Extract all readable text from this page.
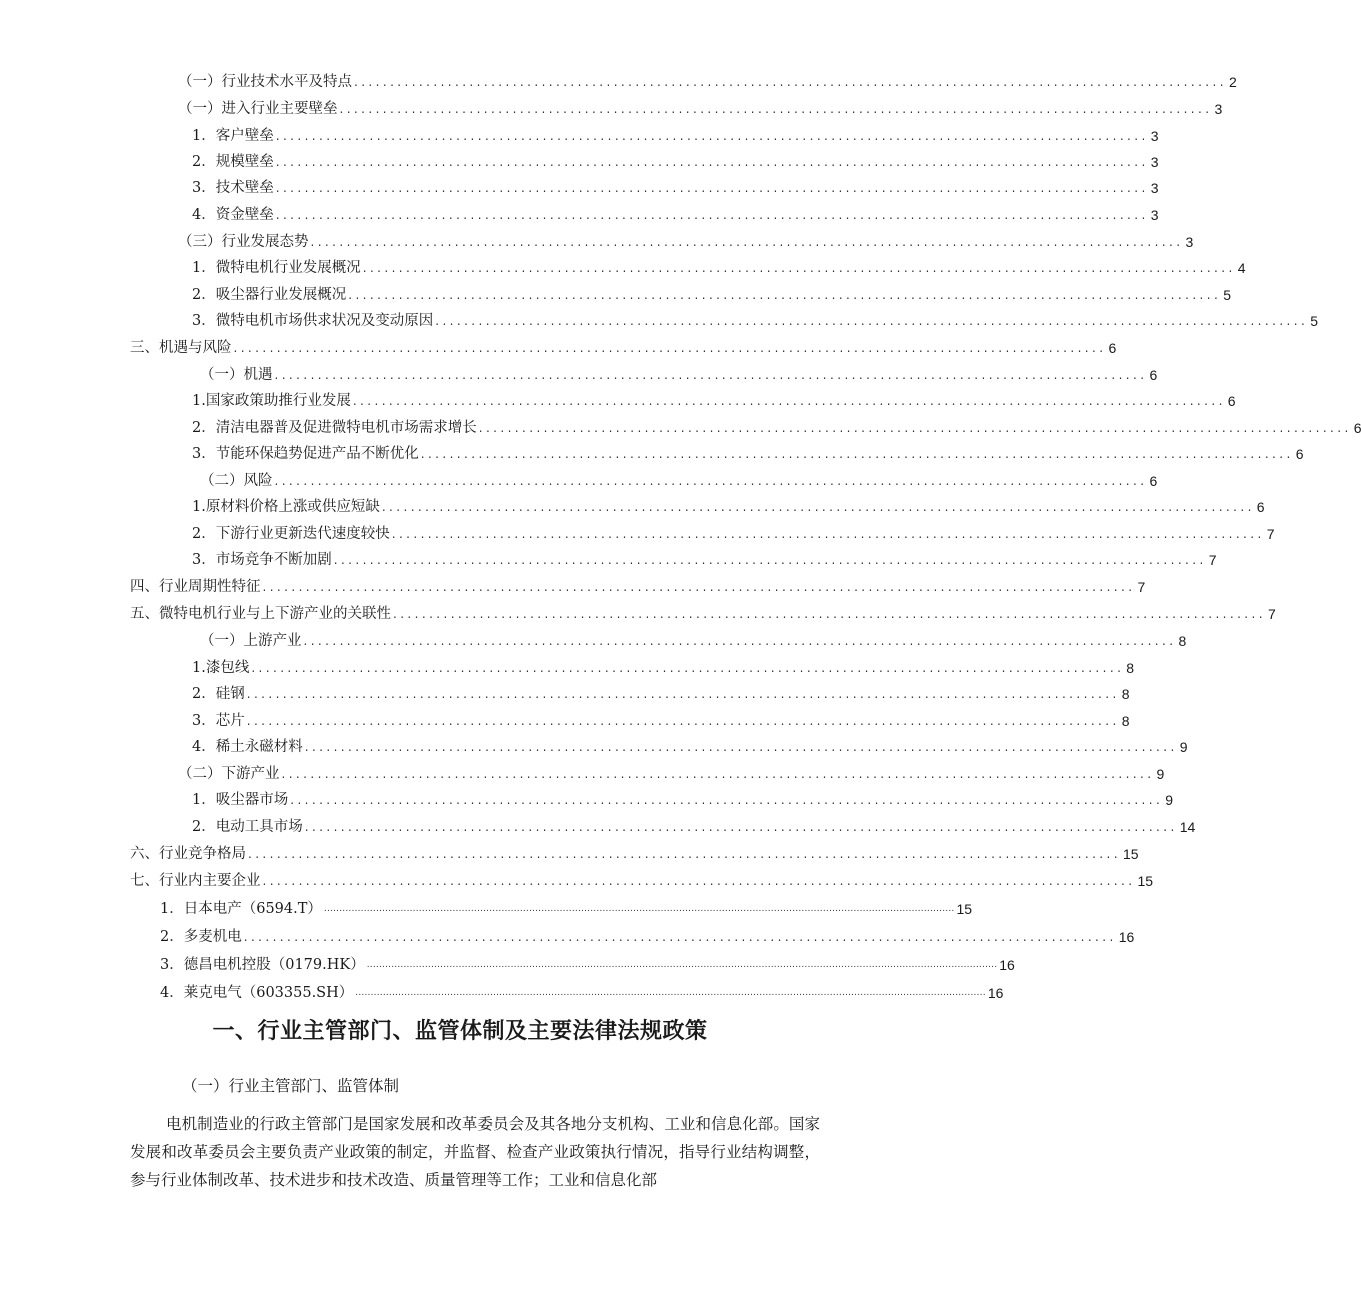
（一）行业技术水平及特点 ......................................................................................................................... 2
（一）进入行业主要壁垒 ......................................................................................................................... 3
1．客户壁垒 ......................................................................................................................... 3
2．规模壁垒 ......................................................................................................................... 3
3．技术壁垒 ......................................................................................................................... 3
4．资金壁垒 ......................................................................................................................... 3
（三）行业发展态势 ......................................................................................................................... 3
1．微特电机行业发展概况 ......................................................................................................................... 4
2．吸尘器行业发展概况 ......................................................................................................................... 5
3．微特电机市场供求状况及变动原因 ......................................................................................................................... 5
三、机遇与风险 ......................................................................................................................... 6
（一）机遇 ......................................................................................................................... 6
1.国家政策助推行业发展 ......................................................................................................................... 6
2．清洁电器普及促进微特电机市场需求增长 ......................................................................................................................... 6
3．节能环保趋势促进产品不断优化 ......................................................................................................................... 6
（二）风险 ......................................................................................................................... 6
1.原材料价格上涨或供应短缺 ......................................................................................................................... 6
2．下游行业更新迭代速度较快 ......................................................................................................................... 7
3．市场竞争不断加剧 ......................................................................................................................... 7
四、行业周期性特征 ......................................................................................................................... 7
五、微特电机行业与上下游产业的关联性 ......................................................................................................................... 7
（一）上游产业 ......................................................................................................................... 8
1.漆包线 ......................................................................................................................... 8
2．硅钢 ......................................................................................................................... 8
3．芯片 ......................................................................................................................... 8
4．稀土永磁材料 ......................................................................................................................... 9
（二）下游产业 ......................................................................................................................... 9
1．吸尘器市场 ......................................................................................................................... 9
2．电动工具市场 ......................................................................................................................... 14
六、行业竞争格局 ......................................................................................................................... 15
七、行业内主要企业 ......................................................................................................................... 15
1．日本电产（6594.T） .............................................................................................................................................................................................................. 15
2．多麦机电 ......................................................................................................................... 16
3．德昌电机控股（0179.HK） .............................................................................................................................................................................................................. 16
4．莱克电气（603355.SH） .............................................................................................................................................................................................................. 16
一、行业主管部门、监管体制及主要法律法规政策
（一）行业主管部门、监管体制
电机制造业的行政主管部门是国家发展和改革委员会及其各地分支机构、工业和信息化部。国家发展和改革委员会主要负责产业政策的制定，并监督、检查产业政策执行情况，指导行业结构调整，参与行业体制改革、技术进步和技术改造、质量管理等工作；工业和信息化部
